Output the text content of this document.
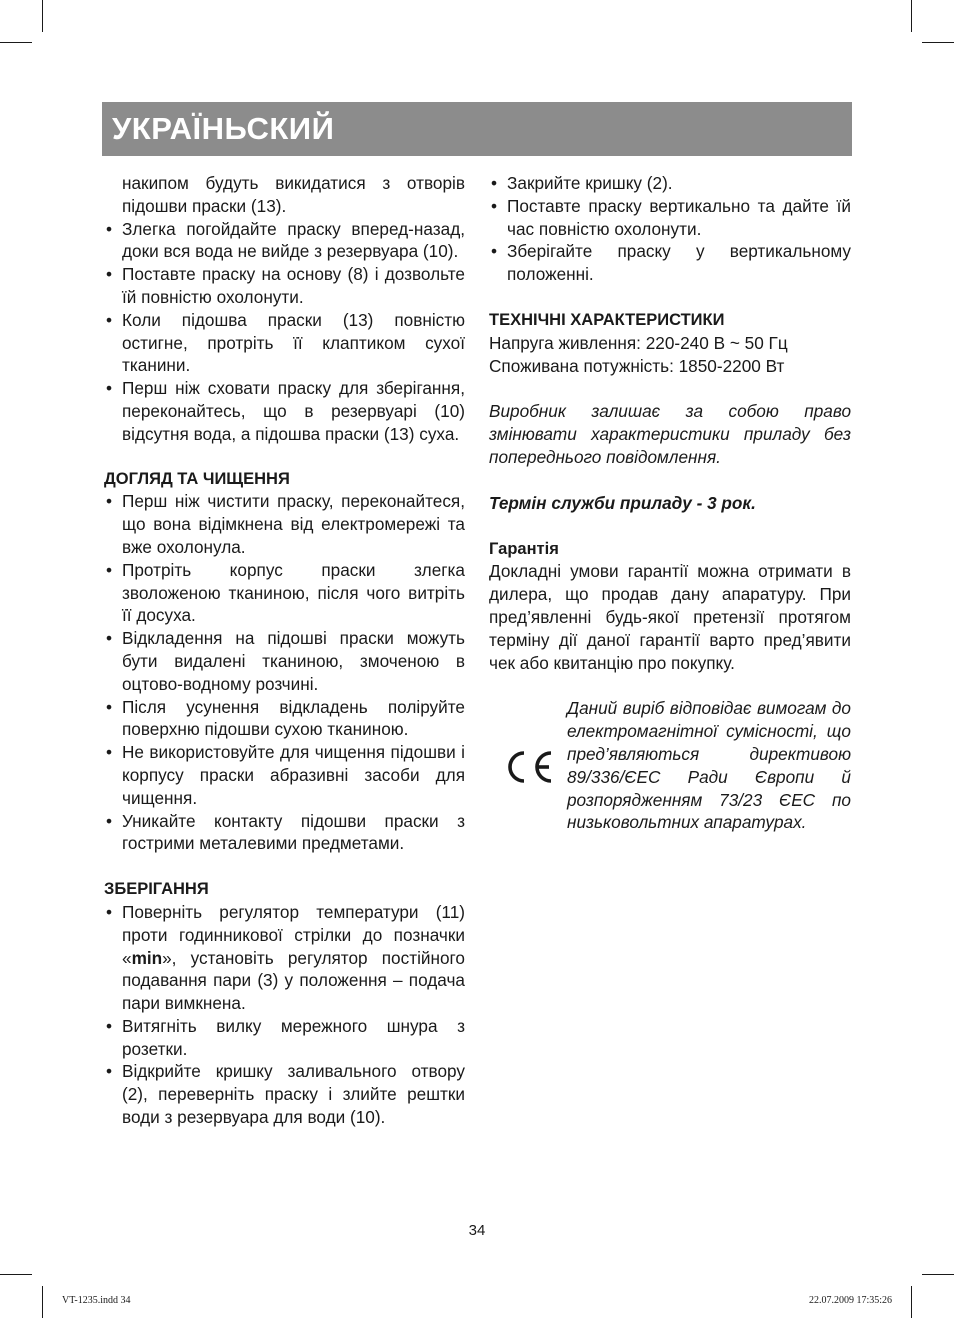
УКРАЇНЬСКИЙ

накипом будуть викидатися з отворів підошви праски (13).

• Злегка погойдайте праску вперед-назад, доки вся вода не вийде з резервуара (10).
• Поставте праску на основу (8) і дозвольте їй повністю охолонути.
• Коли підошва праски (13) повністю остигне, протріть її клаптиком сухої тканини.
• Перш ніж сховати праску для зберігання, переконайтесь, що в резервуарі (10) відсутня вода, а підошва праски (13) суха.

ДОГЛЯД ТА ЧИЩЕННЯ

• Перш ніж чистити праску, переконайтеся, що вона відімкнена від електромережі та вже охолонула.
• Протріть корпус праски злегка зволоженою тканиною, після чого витріть її досуха.
• Відкладення на підошві праски можуть бути видалені тканиною, змоченою в оцтово-водному розчині.
• Після усунення відкладень поліруйте поверхню підошви сухою тканиною.
• Не використовуйте для чищення підошви і корпусу праски абразивні засоби для чищення.
• Уникайте контакту підошви праски з гострими металевими предметами.

ЗБЕРІГАННЯ

• Поверніть регулятор температури (11) проти годинникової стрілки до позначки «min», установіть регулятор постійного подавання пари (3) у положення – подача пари вимкнена.
• Витягніть вилку мережного шнура з розетки.
• Відкрийте кришку заливального отвору (2), переверніть праску і злийте рештки води з резервуара для води (10).
• Закрийте кришку (2).
• Поставте праску вертикально та дайте їй час повністю охолонути.
• Зберігайте праску у вертикальному положенні.

ТЕХНІЧНІ ХАРАКТЕРИСТИКИ

Напруга живлення: 220-240 В ~ 50 Гц

Споживана потужність: 1850-2200 Вт

Виробник залишає за собою право змінювати характеристики приладу без попереднього повідомлення.

Термін служби приладу - 3 рок.

Гарантія

Докладні умови гарантії можна отримати в дилера, що продав дану апаратуру. При пред’явленні будь-якої претензії протягом терміну дії даної гарантії варто пред’явити чек або квитанцію про покупку.

Даний виріб відповідає вимогам до електромагнітної сумісності, що пред’являються директивою 89/336/ЄЕС Ради Європи й розпорядженням 73/23 ЄЕС по низьковольтних апаратурах.

34
VT-1235.indd 34	22.07.2009 17:35:26
